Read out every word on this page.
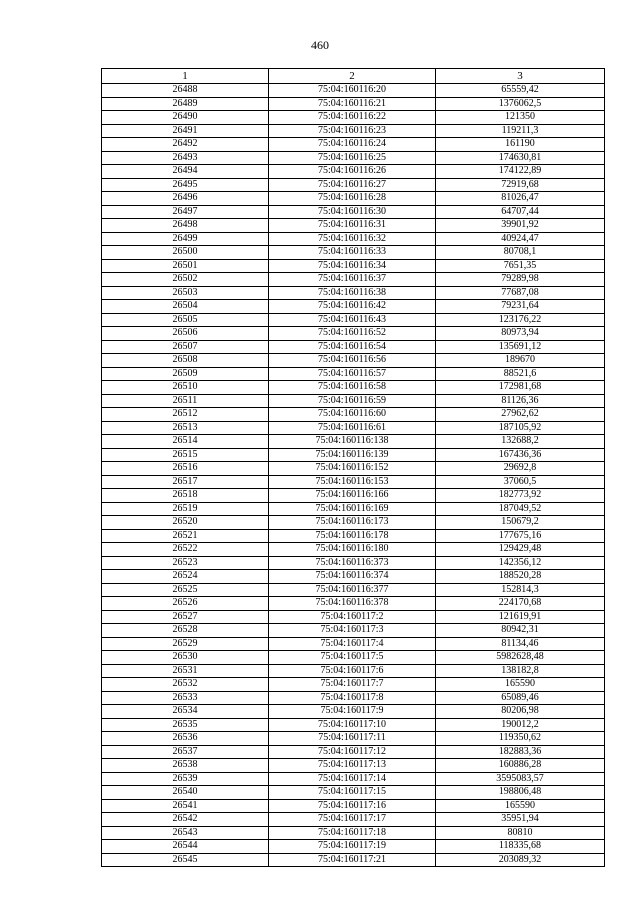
460
1	2	3
26488	75:04:160116:20	65559,42
26489	75:04:160116:21	1376062,5
26490	75:04:160116:22	121350
26491	75:04:160116:23	119211,3
26492	75:04:160116:24	161190
26493	75:04:160116:25	174630,81
26494	75:04:160116:26	174122,89
26495	75:04:160116:27	72919,68
26496	75:04:160116:28	81026,47
26497	75:04:160116:30	64707,44
26498	75:04:160116:31	39901,92
26499	75:04:160116:32	40924,47
26500	75:04:160116:33	80708,1
26501	75:04:160116:34	7651,35
26502	75:04:160116:37	79289,98
26503	75:04:160116:38	77687,08
26504	75:04:160116:42	79231,64
26505	75:04:160116:43	123176,22
26506	75:04:160116:52	80973,94
26507	75:04:160116:54	135691,12
26508	75:04:160116:56	189670
26509	75:04:160116:57	88521,6
26510	75:04:160116:58	172981,68
26511	75:04:160116:59	81126,36
26512	75:04:160116:60	27962,62
26513	75:04:160116:61	187105,92
26514	75:04:160116:138	132688,2
26515	75:04:160116:139	167436,36
26516	75:04:160116:152	29692,8
26517	75:04:160116:153	37060,5
26518	75:04:160116:166	182773,92
26519	75:04:160116:169	187049,52
26520	75:04:160116:173	150679,2
26521	75:04:160116:178	177675,16
26522	75:04:160116:180	129429,48
26523	75:04:160116:373	142356,12
26524	75:04:160116:374	188520,28
26525	75:04:160116:377	152814,3
26526	75:04:160116:378	224170,68
26527	75:04:160117:2	121619,91
26528	75:04:160117:3	80942,31
26529	75:04:160117:4	81134,46
26530	75:04:160117:5	5982628,48
26531	75:04:160117:6	138182,8
26532	75:04:160117:7	165590
26533	75:04:160117:8	65089,46
26534	75:04:160117:9	80206,98
26535	75:04:160117:10	190012,2
26536	75:04:160117:11	119350,62
26537	75:04:160117:12	182883,36
26538	75:04:160117:13	160886,28
26539	75:04:160117:14	3595083,57
26540	75:04:160117:15	198806,48
26541	75:04:160117:16	165590
26542	75:04:160117:17	35951,94
26543	75:04:160117:18	80810
26544	75:04:160117:19	118335,68
26545	75:04:160117:21	203089,32
